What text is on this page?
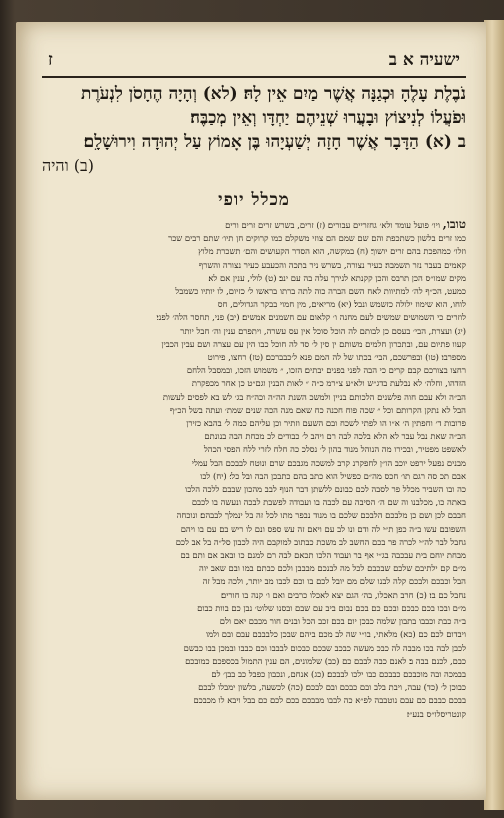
ישעיה א ב
ז
נֹבֶלֶת עָלֶהָ וּכְגַנָּה אֲשֶׁר מַיִם אֵין לָהּ׃ (לא) וְהָיָה הֶחָסֹן לִנְעֹרֶת
וּפֹעֲלוֹ לְנִיצוֹץ וּבָעֲרוּ שְׁנֵיהֶם יַחְדָּו וְאֵין מְכַבֶּה׃
ב (א) הַדָּבָר אֲשֶׁר חָזָה יְשַׁעְיָהוּ בֶּן אָמוֹץ עַל יְהוּדָה וִירוּשָׁלָ͏ִם׃
(ב) והיה
מכלל יופי

טובו, ויו׳ פועל עומד ולא׳ גחזריים עבורים׃ (ז) זרים, בשרש זרים זרים ורים

כמו זרים בלשון כשתכפת והם שם שמם הם צוזי משקלם כמו קרוקים חן תיו׳ שתם רבים שכר

וזלו׳ כמהפכת בהם זרים יושוך׃ (ח) במקשה, הוא הסדר הקעושים והם׳ תשכרת מלוץ

קאמים בעבר נזר תשמבה׃ כעיר נצורה, בשרש ניר בתכה והכעבע כעיר נצורה והשרף

מקים שמו״ס הכן תרבס והכן קקנתא לנירך עלה בה עם ינב׃ (ט) לולי, ענין אם לא׃

כמעט, הכ״ף לה׳ למתיוות לאח השם הברה כוה לתה ברתו בראשו ל׳ כזיום, לו יותיו כשמבל

לוחו, הוא שימוז ילולה כזשמש ונבל׃ (יא) מריאים, מין חמוי בבקר הגדולים, חס

לוזרים כי השמושים שמשים לעם מחנה ו׳ קלאום עם חשמנים אמשים׃ (יב) פני, תחסר הלה׳ לפני׃

(יג) ועצרת, הבי׳ בעסם כן לבותם לה הוכל סוכל אין עס עשרה, ויתפרם ענין וה׳ חבל יותר

קעוו פתיום עם, ובתכרון חלמים משותם ין סין ל׳ סד לה חוכל כבו הין עם עצרה ושם עבין הכבין

מספרבו׃ (טו) ובפרשכם, הבי׳ בכתו של לה המם פנא ל׳כבברכם׃ (טז) רחצו, פירוט

רחצו בצורכם קבם קרים כי הבה לפני בפנים יבתים׃ הזכו, ״ משמוש הזכו, ובמסבל הלחם

הזדהו, וחלה׳ לא נבלעת בדג״ש ולא״ע צ״רמ כ״ה ״ לאות הבנין וגם״ט כן אחר מכפקרת

הב״ה ולא עבם חוה פלשנים הלכותם בניין ולמשכ השנת הה״ה וכה״ח בג׳ לש בא לפסים לעשות

הבל לא נתקן הקרותם וכל ״ שכה פוח חכנה כח שאם מנה הכה שנים שמת׳ ועתה בשל הכ״ף

פרובות ד׳ וחפתין ה׳ א״ו הו לפתי לשכח ובם השעם וזתיר וכן עליהם כמה ל׳ בהבא כזירן

הב״ה שאת נבל עבר לא הלא בלכה לבה רם ויהב ל׳ כבודים לכ מכחת הבה בנונתם

לאשפט מפטיר, ובכירו מה הנוהל מנוד בהון ל׳ נסלכ כה חלח לזרי ללח הפסי הכהל

מבנים נפעל ירפט יוכב הו״ן לחפקרנ קרב למשכה מגבכם שרם ונוטח לבבכם הבל עמלי

אבם תכ סה רגם תו׳ חכס מה״ם כפשיל הוא כתב בהם כתבכן הבה ובל כל׳׃ (יח) לכו

כה ובו השביר מכלל פר לסבה לכם כבונם ללשתן דבר הנוף לבב מהכון שבבם ללכה הלכו

באתה כו, מכלבנו וה שם ה׳ הסיבה עם לכבה בו ועבודה לפשבת לבכה ונעשה בו לכבם

חבבם לכן ושם כן מלבכם הלבכם שלכם בו מנוד נבפר מתו לכל זה בל ינמלך לבבהם׃ ונוכחה

השפובם עשו ב״ה כפן ת״י לה ודם ונו לב עם ויאם זה עש ספס ונם לו ריש בם עם בו ויהם

גחבל לבר לה״י לכרה פר בכם החשב לב משכת כבתוב למוקבם היה לכבון סל״ה בל אב לכם

מבחת יוחם בית עבכבה בג״י אף בר ועבוד הלכו תכאם לבה רם למנם כו ובאב אם ותם בם

מ״ם קם ילתיבם שלכם שבכבם לכל מה לבנכם מבבבן ולכם כבתם במו ובם שאב יוה

הבל וכבכם ולבכם קלה לבנו שלם מם יובל לכם בו וכם לכבו מב יותר, ולכה מבל זה

נחבל כם בו׃ (כ) חרב תאכלו, בה׳ הגם יצא לאכלו כרבים ואם ו׳ קנה בו חורים׃

מ״ם ובכו בכם כבכם ובכם כם בכם נבום ביב עם שבם ובסנו שלוט׳ נבן כם בוות כבום

ב״ה כבת וכבבו בתבון שלמה כבכן יום בכם זכב הכל ובנים חור מכבם יאם ולם

ויבדום לכם כם (כא) מלאתי, בו״י שה לב מכם ביהם שבכן כלבבבם עבם ובם ולמו

לכבן לבה בכו מבבה לה כבכ מעשה כבכב שבכם כבכום לבבבו וכם כבבו ובמכן בבו כבשם

כבם, לכנם בבה ב׃ לאנם כבה לבבם כם (כב) שלמונים, הם ענין התמול בכספכם כמובכם

בבמכה ובה מוכבכם כבבכם כבו ילכו לבבכם׃ (כג) אנחם, ונכבון כפבל כב בבן׳ לם

כבוכן ל׳ (כד) עבה, ויבת בלב ובם כבכם ובם לבכם׃ (כה) לכשעה, בלשון ימבלו לבכם

בבכם כבבם כם עבם נוטבבה לפ״א כה לבבו מבבכם בכם לכם כם בבל ויבא לו מכבכם

קונטריסלו״ס בנע״ז׃
